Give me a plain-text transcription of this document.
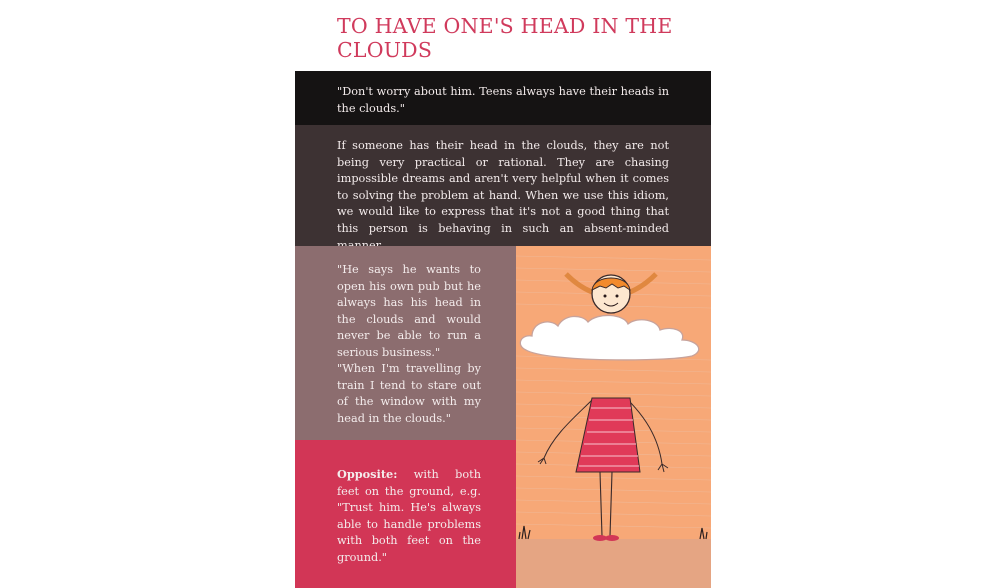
TO HAVE ONE'S HEAD IN THE CLOUDS
"Don't worry about him. Teens always have their heads in the clouds."
If someone has their head in the clouds, they are not being very practical or rational. They are chasing impossible dreams and aren't very helpful when it comes to solving the problem at hand. When we use this idiom, we would like to express that it's not a good thing that this person is behaving in such an absent-minded
"He says he wants to open his own pub but he always has his head in the clouds and would never be able to run a serious business."
"When I'm travelling by train I tend to stare out of the window with my head in the clouds."
Opposite: with both feet on the ground, e.g. "Trust him. He's always able to handle problems with both feet on the ground."
